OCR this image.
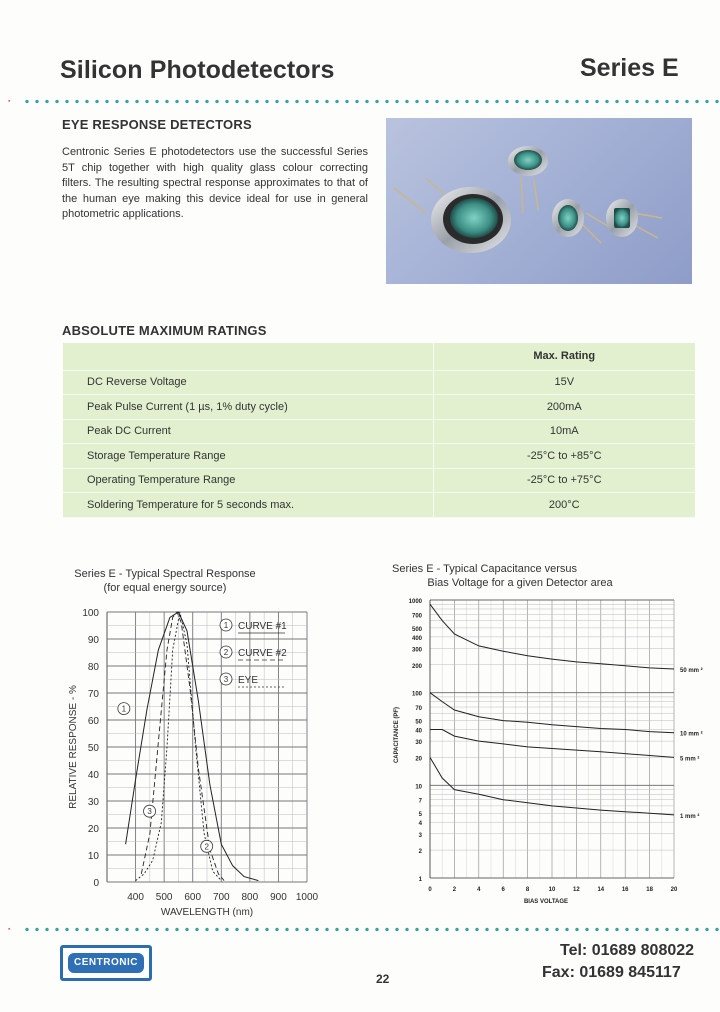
Silicon Photodetectors	Series E
▪
EYE RESPONSE DETECTORS
Centronic Series E photodetectors use the successful Series 5T chip together with high quality glass colour correcting filters. The resulting spectral response approximates to that of the human eye making this device ideal for use in general photometric applications.
ABSOLUTE MAXIMUM RATINGS
	Max. Rating
DC Reverse Voltage	15V
Peak Pulse Current (1 µs, 1% duty cycle)	200mA
Peak DC Current	10mA
Storage Temperature Range	-25°C to +85°C
Operating Temperature Range	-25°C to +75°C
Soldering Temperature for 5 seconds max.	200°C
Series E - Typical Spectral Response
(for equal energy source)
0
10
20
30
40
50
60
70
80
90
100
400 500 600 700 800 900 1000
WAVELENGTH (nm)
RELATIVE RESPONSE - %	1
2
3
1 CURVE #1
2 CURVE #2
3 EYE
Series E - Typical Capacitance versus
Bias Voltage for a given Detector area
1
2
3
4
5
7
10
20
30
40
50
70
100
200
300
400
500
700
1000
0	2	4	6	8	10	12	14	16	18	20
BIAS VOLTAGE
CAPACITANCE (PF)
50 mm ²
10 mm ²
5 mm ²
1 mm ²
▪
CENTRONIC
22
Tel: 01689 808022
Fax: 01689 845117
